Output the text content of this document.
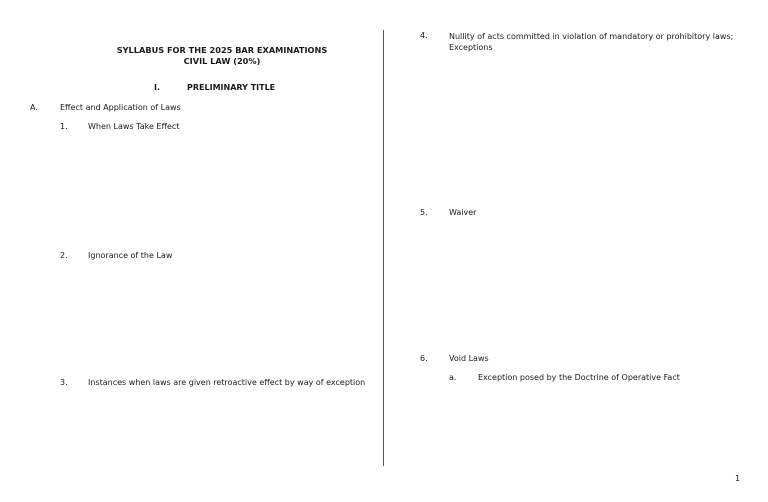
SYLLABUS FOR THE 2025 BAR EXAMINATIONS
CIVIL LAW (20%)
I.	PRELIMINARY TITLE
A.	Effect and Application of Laws
1.	When Laws Take Effect
2.	Ignorance of the Law
3.	Instances when laws are given retroactive effect by way of exception
4.	Nullity of acts committed in violation of mandatory or prohibitory laws; Exceptions
5.	Waiver
6.	Void Laws
a.	Exception posed by the Doctrine of Operative Fact
1
